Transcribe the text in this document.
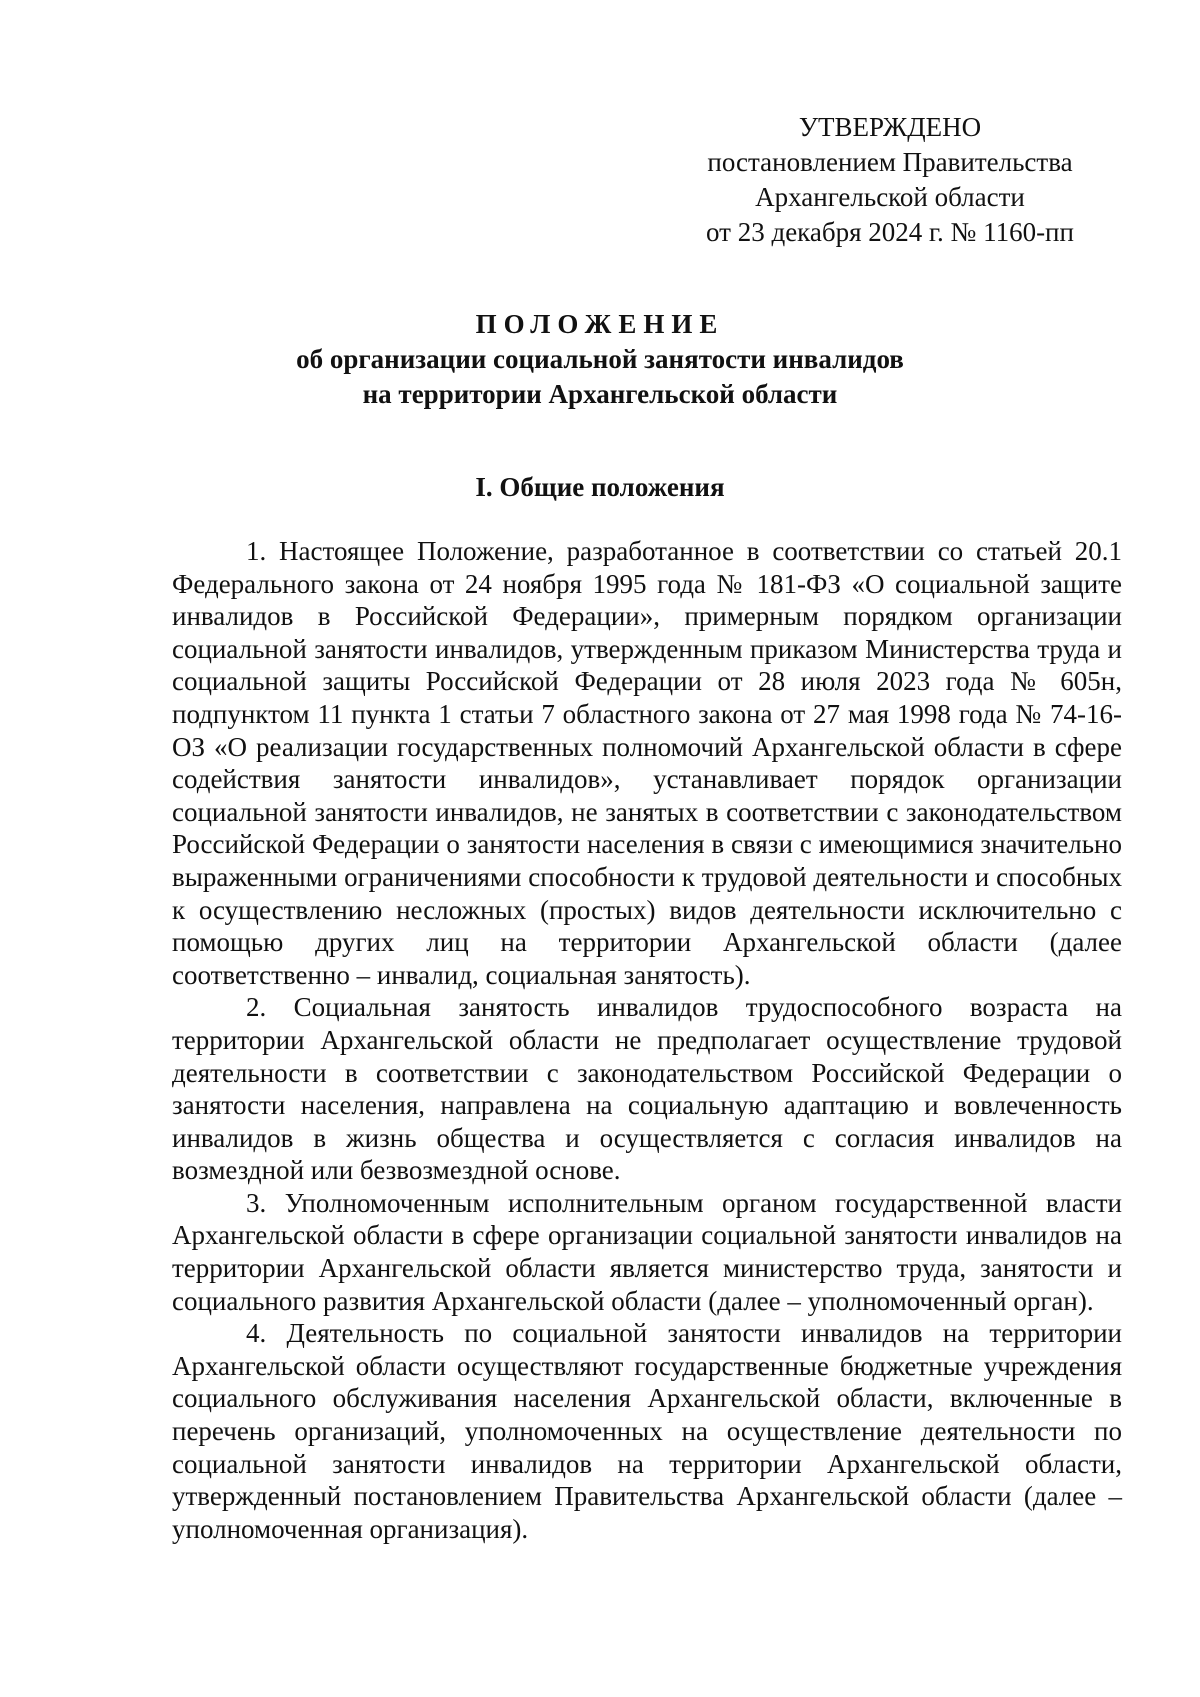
УТВЕРЖДЕНО
постановлением Правительства
Архангельской области
от 23 декабря 2024 г. № 1160-пп
ПОЛОЖЕНИЕ
об организации социальной занятости инвалидов
на территории Архангельской области
I. Общие положения

1. Настоящее Положение, разработанное в соответствии со статьей 20.1 Федерального закона от 24 ноября 1995 года № 181-ФЗ «О социальной защите инвалидов в Российской Федерации», примерным порядком организации социальной занятости инвалидов, утвержденным приказом Министерства труда и социальной защиты Российской Федерации от 28 июля 2023 года № 605н, подпунктом 11 пункта 1 статьи 7 областного закона от 27 мая 1998 года № 74-16-ОЗ «О реализации государственных полномочий Архангельской области в сфере содействия занятости инвалидов», устанавливает порядок организации социальной занятости инвалидов, не занятых в соответствии с законодательством Российской Федерации о занятости населения в связи с имеющимися значительно выраженными ограничениями способности к трудовой деятельности и способных к осуществлению несложных (простых) видов деятельности исключительно с помощью других лиц на территории Архангельской области (далее соответственно – инвалид, социальная занятость).

2. Социальная занятость инвалидов трудоспособного возраста на территории Архангельской области не предполагает осуществление трудовой деятельности в соответствии с законодательством Российской Федерации о занятости населения, направлена на социальную адаптацию и вовлеченность инвалидов в жизнь общества и осуществляется с согласия инвалидов на возмездной или безвозмездной основе.

3. Уполномоченным исполнительным органом государственной власти Архангельской области в сфере организации социальной занятости инвалидов на территории Архангельской области является министерство труда, занятости и социального развития Архангельской области (далее – уполномоченный орган).

4. Деятельность по социальной занятости инвалидов на территории Архангельской области осуществляют государственные бюджетные учреждения социального обслуживания населения Архангельской области, включенные в перечень организаций, уполномоченных на осуществление деятельности по социальной занятости инвалидов на территории Архангельской области, утвержденный постановлением Правительства Архангельской области (далее – уполномоченная организация).
